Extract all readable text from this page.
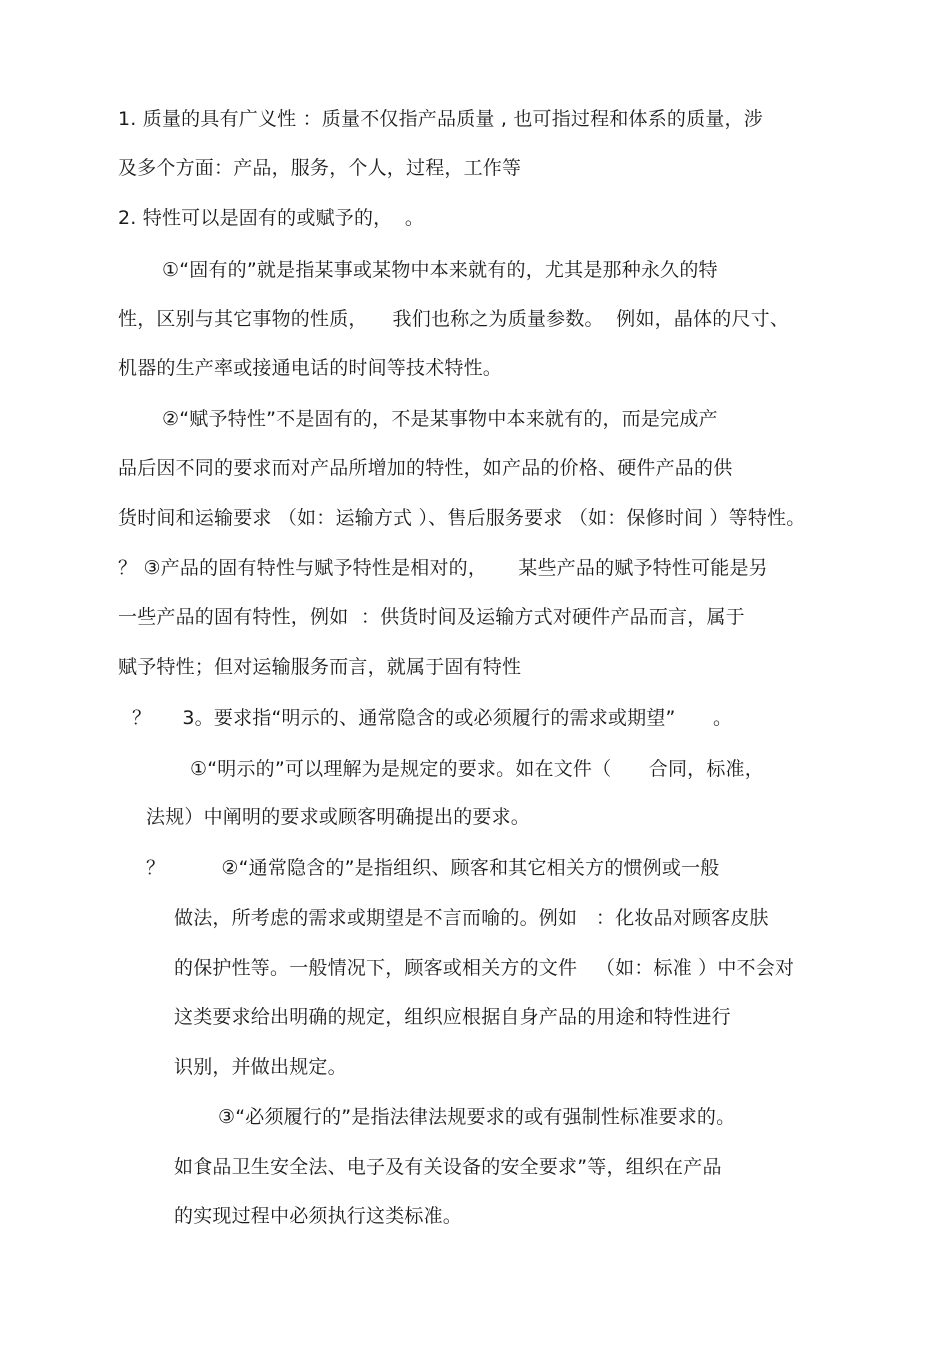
1. 质量的具有广义性 ：质量不仅指产品质量 , 也可指过程和体系的质量，涉
及多个方面：产品，服务，个人，过程，工作等
2. 特性可以是固有的或赋予的，  。
①“固有的”就是指某事或某物中本来就有的，尤其是那种永久的特
性，区别与其它事物的性质，    我们也称之为质量参数。  例如，晶体的尺寸、
机器的生产率或接通电话的时间等技术特性。
②“赋予特性”不是固有的，不是某事物中本来就有的，而是完成产
品后因不同的要求而对产品所增加的特性，如产品的价格、硬件产品的供
货时间和运输要求 （如：运输方式 ）、售后服务要求 （如：保修时间 ）等特性。
？ ③产品的固有特性与赋予特性是相对的，     某些产品的赋予特性可能是另
一些产品的固有特性，例如  ：供货时间及运输方式对硬件产品而言，属于
赋予特性；但对运输服务而言，就属于固有特性
？     3。要求指“明示的、通常隐含的或必须履行的需求或期望”      。
①“明示的”可以理解为是规定的要求。如在文件（      合同，标准，
法规）中阐明的要求或顾客明确提出的要求。
？         ②“通常隐含的”是指组织、顾客和其它相关方的惯例或一般
做法，所考虑的需求或期望是不言而喻的。例如   ：化妆品对顾客皮肤
的保护性等。一般情况下，顾客或相关方的文件   （如：标准 ）中不会对
这类要求给出明确的规定，组织应根据自身产品的用途和特性进行
识别，并做出规定。
③“必须履行的”是指法律法规要求的或有强制性标准要求的。
如食品卫生安全法、电子及有关设备的安全要求”等，组织在产品
的实现过程中必须执行这类标准。
